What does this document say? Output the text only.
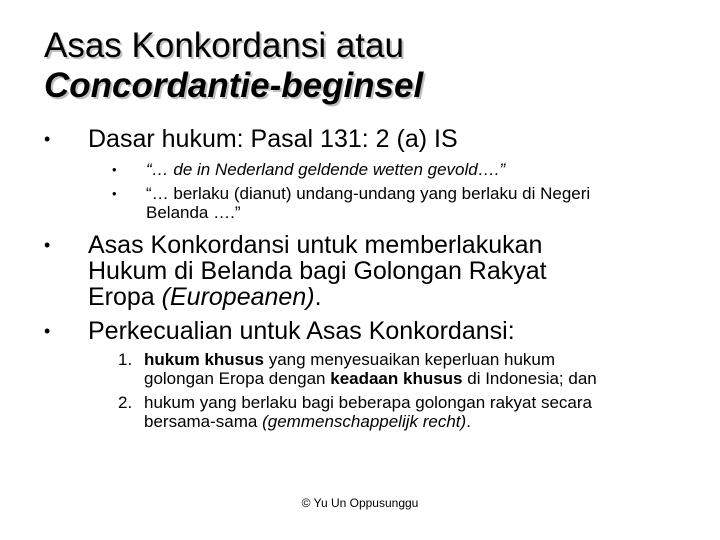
Asas Konkordansi atau
Concordantie-beginsel
• Dasar hukum: Pasal 131: 2 (a) IS
• “… de in Nederland geldende wetten gevold….”
• “… berlaku (dianut) undang-undang yang berlaku di Negeri
Belanda ….”
• Asas Konkordansi untuk memberlakukan
Hukum di Belanda bagi Golongan Rakyat
Eropa (Europeanen).
• Perkecualian untuk Asas Konkordansi:
1. hukum khusus yang menyesuaikan keperluan hukum
golongan Eropa dengan keadaan khusus di Indonesia; dan
2. hukum yang berlaku bagi beberapa golongan rakyat secara
bersama-sama (gemmenschappelijk recht).
© Yu Un Oppusunggu
